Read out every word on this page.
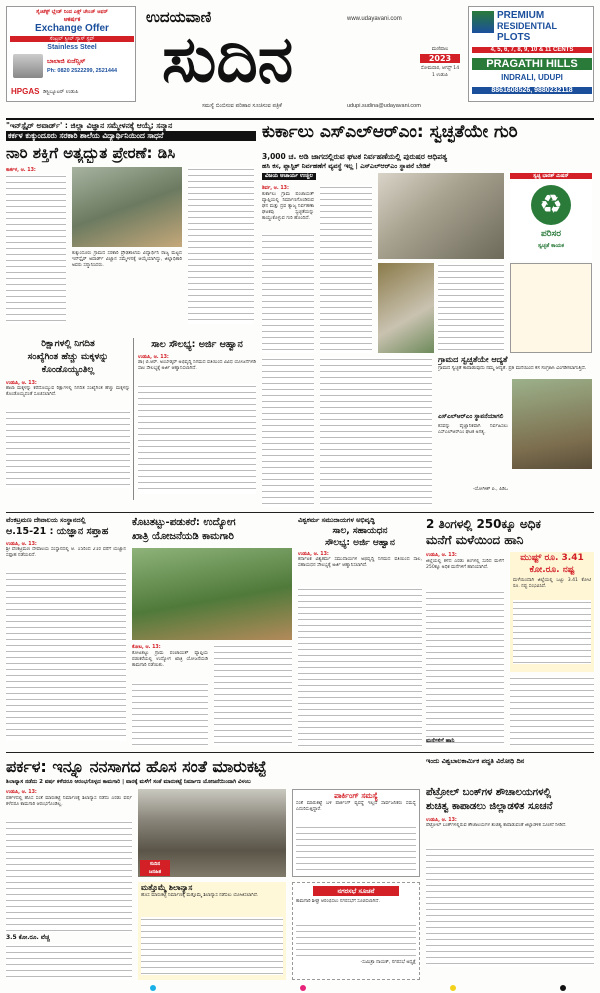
ಸೈಂಟೆಕ್ಸ್ ಬ್ಲೇಡ್ ನಿಂದ ಎಕ್ಸ್ ಚೇಂಜ್ ಆಫರ್
ಆಕರ್ಷಕ
Exchange Offer
ಸೆಂಟ್ರಲ್ ಸ್ಟೀಲ್ ಗ್ಯಾಸ್ ಸ್ಟವ್
Stainless Steel
ಬಾಲಾಜಿ ಏಜೆನ್ಸಿಸ್
Ph: 0820 2522299, 2521444
HPGAS ಡಿಸ್ಟ್ರಿಬ್ಯೂಟರ್ ಉಡುಪಿ
ಉದಯವಾಣಿ	www.udayavani.com
ಸುದಿನ	ಮಣಿಪಾಲ
2023
ಸೋಮವಾರ, ಆಗಸ್ಟ್ 14
1 ಉಡುಪಿ
udupi.sudina@udayavani.com
ಸಮಸ್ಯೆ ಬಿಂಬಿಸುವ ಪರಿಹಾರ ಸೂಚಿಸುವ ಪತ್ರಿಕೆ
PREMIUM
RESIDENTIAL
PLOTS
4, 5, 6, 7, 8, 9, 10 & 11 CENTS
PRAGATHI HILLS
INDRALI, UDUPI
8861608526, 9880232118
"ಇನ್‌ಸ್ಪೈರ್ ಅವಾರ್ಡ್' : ಜಿಲ್ಲಾ ವಿಜ್ಞಾನ ಸಮ್ಮೇಳನಕ್ಕೆ ಆಯ್ಕೆ; ಸನ್ಮಾನ
ಕರ್ಕಳ ಕುಕ್ಕುಂದೂರು ಸರಕಾರಿ ಶಾಲೆಯ ವಿದ್ಯಾರ್ಥಿನಿಯಿಂದ ಸಾಧನೆ
ನಾರಿ ಶಕ್ತಿಗೆ ಅತ್ಯದ್ಭುತ ಪ್ರೇರಣೆ: ಡಿಸಿ
ಕಾರ್ಕಳ, ಆ. 13:
ಕುಕ್ಕುಂದೂರು ಗ್ರಾಮದ ಸರಕಾರಿ ಪ್ರೌಢಶಾಲೆಯ ವಿದ್ಯಾರ್ಥಿನಿ ರಾಜ್ಯ ಮಟ್ಟದ ಇನ್‌ಸ್ಪೈರ್ ಅವಾರ್ಡ್ ವಿಜ್ಞಾನ ಸಮ್ಮೇಳನಕ್ಕೆ ಆಯ್ಕೆಯಾಗಿದ್ದು, ಜಿಲ್ಲಾಧಿಕಾರಿ ಅವರು ಸನ್ಮಾನಿಸಿದರು.
ಕುರ್ಕಾಲು ಎಸ್‌ಎಲ್‌ಆರ್‌ಎಂ: ಸ್ವಚ್ಛತೆಯೇ ಗುರಿ
3,000 ಚ. ಅಡಿ ಜಾಗದಲ್ಲಿರುವ ಘಟಕ ನಿರ್ವಹಣೆಯಲ್ಲಿ ಪುರುಷರ ಆಧಿಪತ್ಯ
ಹಸಿ ಕಸ, ಪ್ಲಾಸ್ಟಿಕ್ ನಿರ್ವಹಣೆಗೆ ವ್ಯವಸ್ಥೆ ಇಲ್ಲ | ಎಸ್‌ಎಲ್‌ಆರ್‌ಎಂ ಸ್ಥಾಪನೆ ಬೇಡಿಕೆ
ವಿಜಯ ಆಚಾರ್ಯ ಉಚ್ಚಿಲ
ಶಿರ್ವ, ಆ. 13:
ಕುರ್ಕಾಲು ಗ್ರಾಮ ಪಂಚಾಯತ್ ವ್ಯಾಪ್ತಿಯಲ್ಲಿ ನಿರ್ಮಾಣಗೊಂಡಿರುವ ಘನ ಮತ್ತು ದ್ರವ ತ್ಯಾಜ್ಯ ನಿರ್ವಹಣಾ ಘಟಕವು ಸ್ವಚ್ಛತೆಯನ್ನು ಕಾಯ್ದುಕೊಳ್ಳುವ ಗುರಿ ಹೊಂದಿದೆ.
ಸ್ವಚ್ಛ ಭಾರತ್ ಮಿಷನ್
♻
ಪರಿಸರ
ಸ್ವಚ್ಛತೆ ಕಾಯಕ
ಗ್ರಾಮದ ಸ್ವಚ್ಛತೆಯೇ ಆದ್ಯತೆ
ಗ್ರಾಮದ ಸ್ವಚ್ಛತೆ ಕಾಪಾಡುವುದು ನಮ್ಮ ಆದ್ಯತೆ. ಪ್ರತಿ ಮನೆಯಿಂದ ಕಸ ಸಂಗ್ರಹಿಸಿ ವಿಂಗಡಿಸಲಾಗುತ್ತಿದೆ.
ಎಸ್‌ಎಲ್‌ಆರ್‌ಎಂ ಸ್ಥಾಪನೆಯಾಗಲಿ
ಕಸವನ್ನು ವೈಜ್ಞಾನಿಕವಾಗಿ ನಿರ್ವಹಿಸಲು ಎಸ್‌ಎಲ್‌ಆರ್‌ಎಂ ಘಟಕ ಅಗತ್ಯ.
-ಯೋಗೀಶ್ ಪಿ., ಪಿಡಿಒ
ರಿಕ್ಷಾಗಳಲ್ಲಿ ನಿಗದಿತ
ಸಂಖ್ಯೆಗಿಂತ ಹೆಚ್ಚು ಮಕ್ಕಳನ್ನು
ಕೊಂಡೊಯ್ಯಂತಿಲ್ಲ
ಉಡುಪಿ, ಆ. 13:
ಶಾಲಾ ಮಕ್ಕಳನ್ನು ಕರೆದೊಯ್ಯುವ ರಿಕ್ಷಾಗಳಲ್ಲಿ ನಿಗದಿತ ಸಂಖ್ಯೆಗಿಂತ ಹೆಚ್ಚು ಮಕ್ಕಳನ್ನು ಕೊಂಡೊಯ್ಯದಂತೆ ಸೂಚಿಸಲಾಗಿದೆ.
ಸಾಲ ಸೌಲಭ್ಯ: ಅರ್ಜಿ ಆಹ್ವಾನ
ಉಡುಪಿ, ಆ. 13:
ಡಾ| ಬಿ.ಆರ್. ಅಂಬೇಡ್ಕರ್ ಅಭಿವೃದ್ಧಿ ನಿಗಮದ ವತಿಯಿಂದ ವಿವಿಧ ಯೋಜನೆಗಳಡಿ ಸಾಲ ಸೌಲಭ್ಯಕ್ಕೆ ಅರ್ಜಿ ಆಹ್ವಾನಿಸಲಾಗಿದೆ.
ವೆಂಕಟ್ರಮಣ ದೇವಾಲಯ ಸಂಸ್ಥಾನದಲ್ಲಿ
ಆ.15-21 : ಯಜ್ಞಾನ ಸಪ್ತಾಹ
ಉಡುಪಿ, ಆ. 13:
ಶ್ರೀ ವೆಂಕಟ್ರಮಣ ದೇವಾಲಯ ಸಂಸ್ಥಾನದಲ್ಲಿ ಆ. 15ರಿಂದ 21ರ ವರೆಗೆ ಯಜ್ಞಾನ ಸಪ್ತಾಹ ನಡೆಯಲಿದೆ.
ಕೊಟತಟ್ಟು-ಪಡುಕರೆ: ಉದ್ಯೋಗ
ಖಾತ್ರಿ ಯೋಜನೆಯಡಿ ಕಾಮಗಾರಿ
ಕೋಟ, ಆ. 13:
ಕೋಟತಟ್ಟು ಗ್ರಾಮ ಪಂಚಾಯತ್ ವ್ಯಾಪ್ತಿಯ ಪಡುಕರೆಯಲ್ಲಿ ಉದ್ಯೋಗ ಖಾತ್ರಿ ಯೋಜನೆಯಡಿ ಕಾಮಗಾರಿ ನಡೆಯಿತು.
ವಿಶ್ವಕರ್ಮ ಸಮುದಾಯಗಳ ಅಭಿವೃದ್ಧಿ
ಸಾಲ, ಸಹಾಯಧನ
ಸೌಲಭ್ಯ: ಅರ್ಜಿ ಆಹ್ವಾನ
ಉಡುಪಿ, ಆ. 13:
ಕರ್ನಾಟಕ ವಿಶ್ವಕರ್ಮ ಸಮುದಾಯಗಳ ಅಭಿವೃದ್ಧಿ ನಿಗಮದ ವತಿಯಿಂದ ಸಾಲ, ಸಹಾಯಧನ ಸೌಲಭ್ಯಕ್ಕೆ ಅರ್ಜಿ ಆಹ್ವಾನಿಸಲಾಗಿದೆ.
2 ತಿಂಗಳಲ್ಲಿ 250ಕ್ಕೂ ಅಧಿಕ
ಮನೆಗೆ ಮಳೆಯಿಂದ ಹಾನಿ
ಉಡುಪಿ, ಆ. 13:
ಜಿಲ್ಲೆಯಲ್ಲಿ ಕಳೆದ ಎರಡು ತಿಂಗಳಲ್ಲಿ ಸುರಿದ ಮಳೆಗೆ 250ಕ್ಕೂ ಅಧಿಕ ಮನೆಗಳಿಗೆ ಹಾನಿಯಾಗಿದೆ.
ಮುಷ್ಟ್ ರೂ. 3.41
ಕೋ.ರೂ. ನಷ್ಟ
ಮಳೆಯಿಂದಾಗಿ ಜಿಲ್ಲೆಯಲ್ಲಿ ಒಟ್ಟು 3.41 ಕೋಟಿ ರೂ. ನಷ್ಟ ಸಂಭವಿಸಿದೆ.
ಮನೆಗಳಿಗೆ ಹಾನಿ
ಪರ್ಕಳ: ಇನ್ನೂ ನನಸಾಗದ ಹೊಸ ಸಂತೆ ಮಾರುಕಟ್ಟೆ
ಶಿಲಾನ್ಯಾಸ ನಡೆದು 2 ವರ್ಷ ಕಳೆದರೂ ಆರಂಭಗೊಳ್ಳದ ಕಾಮಗಾರಿ | ವಾರಕ್ಕೆ ಮಳೆಗೆ ಸಂತೆ ಮಾರುಕಟ್ಟೆ ನಿರ್ಮಾಣ ಯೋಜನೆಯಿಂದಾಗಿ ವಿಳಂಬ
ಉಡುಪಿ, ಆ. 13:
ಪರ್ಕಳದಲ್ಲಿ ಹೊಸ ಸಂತೆ ಮಾರುಕಟ್ಟೆ ನಿರ್ಮಾಣಕ್ಕೆ ಶಿಲಾನ್ಯಾಸ ನಡೆದು ಎರಡು ವರ್ಷ ಕಳೆದರೂ ಕಾಮಗಾರಿ ಆರಂಭಗೊಂಡಿಲ್ಲ.
3.5 ಕೋ.ರೂ. ವೆಚ್ಚ
ಸುದಿನ
ಜನಹಿತ
ಪಾರ್ಕಿಂಗ್ ಸಮಸ್ಯೆ
ಸಂತೆ ಮಾರುಕಟ್ಟೆ ಬಳಿ ಪಾರ್ಕಿಂಗ್ ವ್ಯವಸ್ಥೆ ಇಲ್ಲದೆ ಸಾರ್ವಜನಿಕರು ಸಮಸ್ಯೆ ಎದುರಿಸುತ್ತಿದ್ದಾರೆ.
ಮತ್ತೊಮ್ಮೆ ಶಿಲಾನ್ಯಾಸ
ಹೊಸ ಮಾರುಕಟ್ಟೆ ನಿರ್ಮಾಣಕ್ಕೆ ಮತ್ತೊಮ್ಮೆ ಶಿಲಾನ್ಯಾಸ ನಡೆಸಲು ಯೋಜಿಸಲಾಗಿದೆ.
ನಗರಸಭೆ ಸೂಚನೆ
ಕಾಮಗಾರಿ ಶೀಘ್ರ ಆರಂಭಿಸಲು ನಗರಸಭೆಗೆ ಸೂಚಿಸಲಾಗಿದೆ.
-ಸುಮಿತ್ರಾ ನಾಯಕ್, ನಗರಸಭೆ ಅಧ್ಯಕ್ಷೆ
ಇಂದು ವಿಶ್ವಬಾಲಕಾರ್ಮಿಕ ಪದ್ಧತಿ ವಿರೋಧಿ ದಿನ
ಪೆಟ್ರೋಲ್ ಬಂಕ್‌ಗಳ ಶೌಚಾಲಯಗಳಲ್ಲಿ
ಶುಚಿತ್ವ ಕಾಪಾಡಲು ಜಿಲ್ಲಾಡಳಿತ ಸೂಚನೆ
ಉಡುಪಿ, ಆ. 13:
ಪೆಟ್ರೋಲ್ ಬಂಕ್‌ಗಳಲ್ಲಿರುವ ಶೌಚಾಲಯಗಳ ಶುಚಿತ್ವ ಕಾಪಾಡುವಂತೆ ಜಿಲ್ಲಾಡಳಿತ ಸೂಚನೆ ನೀಡಿದೆ.
